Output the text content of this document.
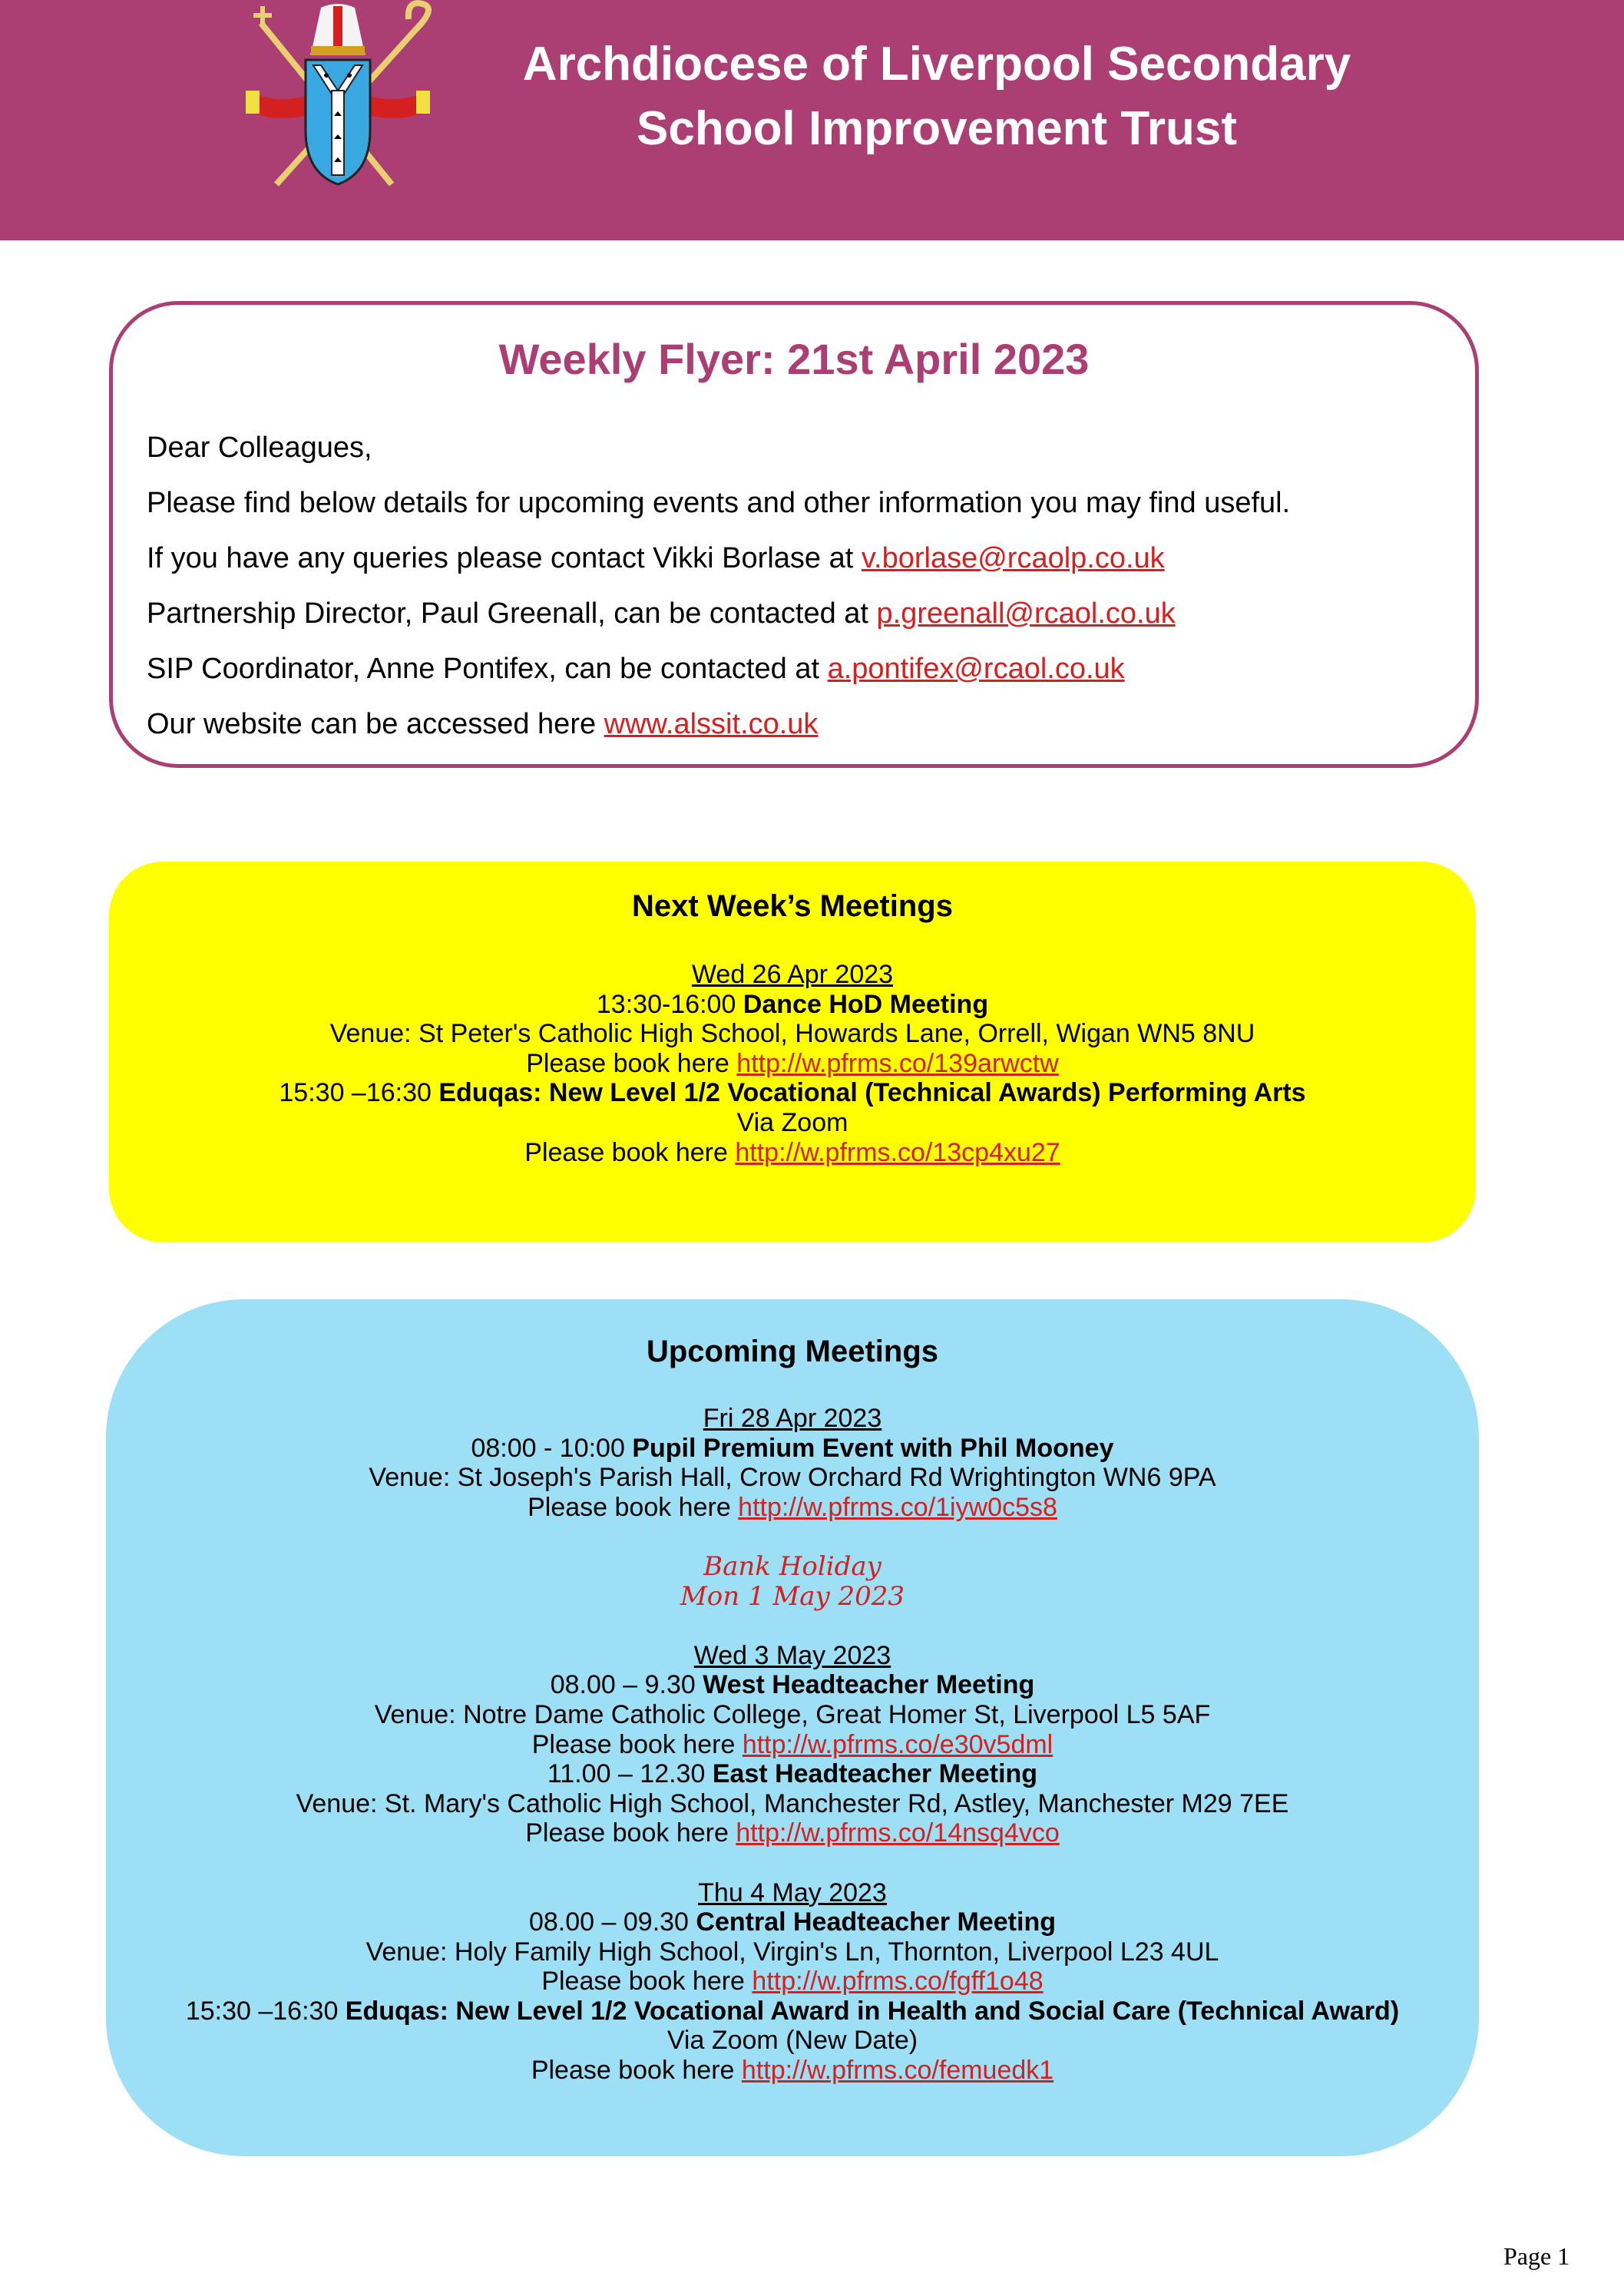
Archdiocese of Liverpool Secondary
School Improvement Trust
Weekly Flyer: 21st April 2023
Dear Colleagues,
Please find below details for upcoming events and other information you may find useful.
If you have any queries please contact Vikki Borlase at v.borlase@rcaolp.co.uk
Partnership Director, Paul Greenall, can be contacted at p.greenall@rcaol.co.uk
SIP Coordinator, Anne Pontifex, can be contacted at a.pontifex@rcaol.co.uk
Our website can be accessed here www.alssit.co.uk
Next Week’s Meetings
Wed 26 Apr 2023
13:30-16:00 Dance HoD Meeting
Venue: St Peter's Catholic High School, Howards Lane, Orrell, Wigan WN5 8NU
Please book here http://w.pfrms.co/139arwctw
15:30 –16:30 Eduqas: New Level 1/2 Vocational (Technical Awards) Performing Arts
Via Zoom
Please book here http://w.pfrms.co/13cp4xu27
Upcoming Meetings
Fri 28 Apr 2023
08:00 - 10:00 Pupil Premium Event with Phil Mooney
Venue: St Joseph's Parish Hall, Crow Orchard Rd Wrightington WN6 9PA
Please book here http://w.pfrms.co/1iyw0c5s8
Bank Holiday
Mon 1 May 2023
Wed 3 May 2023
08.00 – 9.30 West Headteacher Meeting
Venue: Notre Dame Catholic College, Great Homer St, Liverpool L5 5AF
Please book here http://w.pfrms.co/e30v5dml
11.00 – 12.30 East Headteacher Meeting
Venue: St. Mary's Catholic High School, Manchester Rd, Astley, Manchester M29 7EE
Please book here http://w.pfrms.co/14nsq4vco
Thu 4 May 2023
08.00 – 09.30 Central Headteacher Meeting
Venue: Holy Family High School, Virgin's Ln, Thornton, Liverpool L23 4UL
Please book here http://w.pfrms.co/fgff1o48
15:30 –16:30 Eduqas: New Level 1/2 Vocational Award in Health and Social Care (Technical Award)
Via Zoom (New Date)
Please book here http://w.pfrms.co/femuedk1
Page 1
